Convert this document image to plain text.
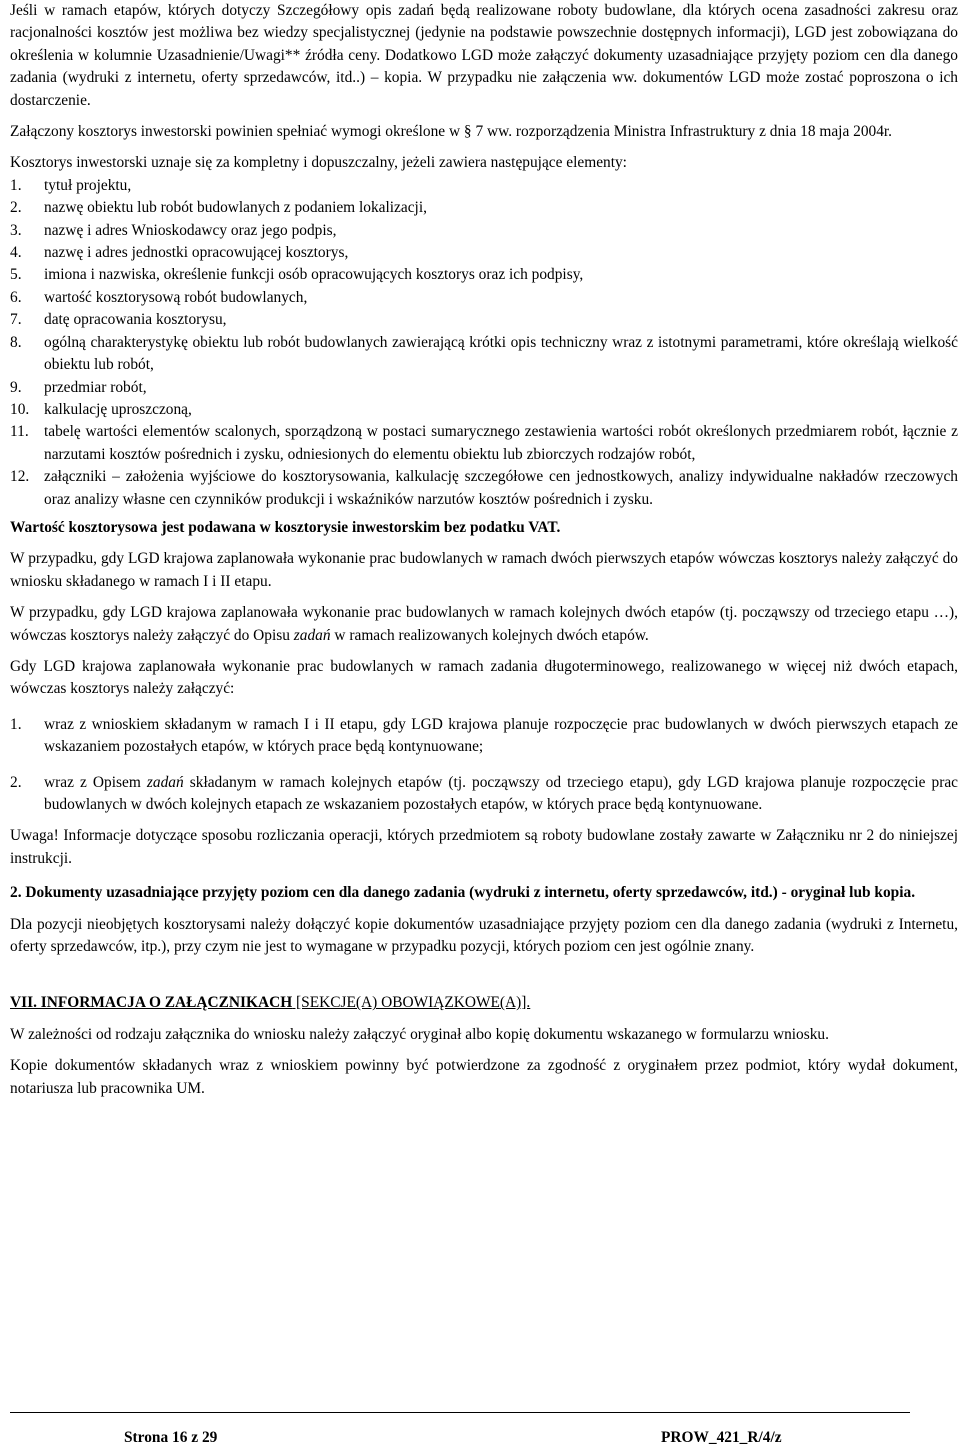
Jeśli w ramach etapów, których dotyczy Szczegółowy opis zadań będą realizowane roboty budowlane, dla których ocena zasadności zakresu oraz racjonalności kosztów jest możliwa bez wiedzy specjalistycznej (jedynie na podstawie powszechnie dostępnych informacji), LGD jest zobowiązana do określenia w kolumnie Uzasadnienie/Uwagi** źródła ceny. Dodatkowo LGD może załączyć dokumenty uzasadniające przyjęty poziom cen dla danego zadania (wydruki z internetu, oferty sprzedawców, itd..) – kopia. W przypadku nie załączenia ww. dokumentów LGD może zostać poproszona o ich dostarczenie.

Załączony kosztorys inwestorski powinien spełniać wymogi określone w § 7 ww. rozporządzenia Ministra Infrastruktury z dnia 18 maja 2004r.

Kosztorys inwestorski uznaje się za kompletny i dopuszczalny, jeżeli zawiera następujące elementy:

1.	tytuł projektu,
2.	nazwę obiektu lub robót budowlanych z podaniem lokalizacji,
3.	nazwę i adres Wnioskodawcy oraz jego podpis,
4.	nazwę i adres jednostki opracowującej kosztorys,
5.	imiona i nazwiska, określenie funkcji osób opracowujących kosztorys oraz ich podpisy,
6.	wartość kosztorysową robót budowlanych,
7.	datę opracowania kosztorysu,
8.	ogólną charakterystykę obiektu lub robót budowlanych zawierającą krótki opis techniczny wraz z istotnymi parametrami, które określają wielkość obiektu lub robót,
9.	przedmiar robót,
10. kalkulację uproszczoną,
11. tabelę wartości elementów scalonych, sporządzoną w postaci sumarycznego zestawienia wartości robót określonych przedmiarem robót, łącznie z narzutami kosztów pośrednich i zysku, odniesionych do elementu obiektu lub zbiorczych rodzajów robót,
12. załączniki – założenia wyjściowe do kosztorysowania, kalkulację szczegółowe cen jednostkowych, analizy indywidualne nakładów rzeczowych oraz analizy własne cen czynników produkcji i wskaźników narzutów kosztów pośrednich i zysku.

Wartość kosztorysowa jest podawana w kosztorysie inwestorskim bez podatku VAT.

W przypadku, gdy LGD krajowa zaplanowała wykonanie prac budowlanych w ramach dwóch pierwszych etapów wówczas kosztorys należy załączyć do wniosku składanego w ramach I i II etapu.

W przypadku, gdy LGD krajowa zaplanowała wykonanie prac budowlanych w ramach kolejnych dwóch etapów (tj. począwszy od trzeciego etapu …), wówczas kosztorys należy załączyć do Opisu zadań w ramach realizowanych kolejnych dwóch etapów.

Gdy LGD krajowa zaplanowała wykonanie prac budowlanych w ramach zadania długoterminowego, realizowanego w więcej niż dwóch etapach, wówczas kosztorys należy załączyć:

1.	wraz z wnioskiem składanym w ramach I i II etapu, gdy LGD krajowa planuje rozpoczęcie prac budowlanych w dwóch pierwszych etapach ze wskazaniem pozostałych etapów, w których prace będą kontynuowane;
2.	wraz z Opisem zadań składanym w ramach kolejnych etapów (tj. począwszy od trzeciego etapu), gdy LGD krajowa planuje rozpoczęcie prac budowlanych w dwóch kolejnych etapach ze wskazaniem pozostałych etapów, w których prace będą kontynuowane.

Uwaga! Informacje dotyczące sposobu rozliczania operacji, których przedmiotem są roboty budowlane zostały zawarte w Załączniku nr 2 do niniejszej instrukcji.

2. Dokumenty uzasadniające przyjęty poziom cen dla danego zadania (wydruki z internetu, oferty sprzedawców, itd.) - oryginał lub kopia.

Dla pozycji nieobjętych kosztorysami należy dołączyć kopie dokumentów uzasadniające przyjęty poziom cen dla danego zadania (wydruki z Internetu, oferty sprzedawców, itp.), przy czym nie jest to wymagane w przypadku pozycji, których poziom cen jest ogólnie znany.

VII. INFORMACJA O ZAŁĄCZNIKACH [SEKCJE(A) OBOWIĄZKOWE(A)].

W zależności od rodzaju załącznika do wniosku należy załączyć oryginał albo kopię dokumentu wskazanego w formularzu wniosku.

Kopie dokumentów składanych wraz z wnioskiem powinny być potwierdzone za zgodność z oryginałem przez podmiot, który wydał dokument, notariusza lub pracownika UM.

Strona 16 z 29	PROW_421_R/4/z
